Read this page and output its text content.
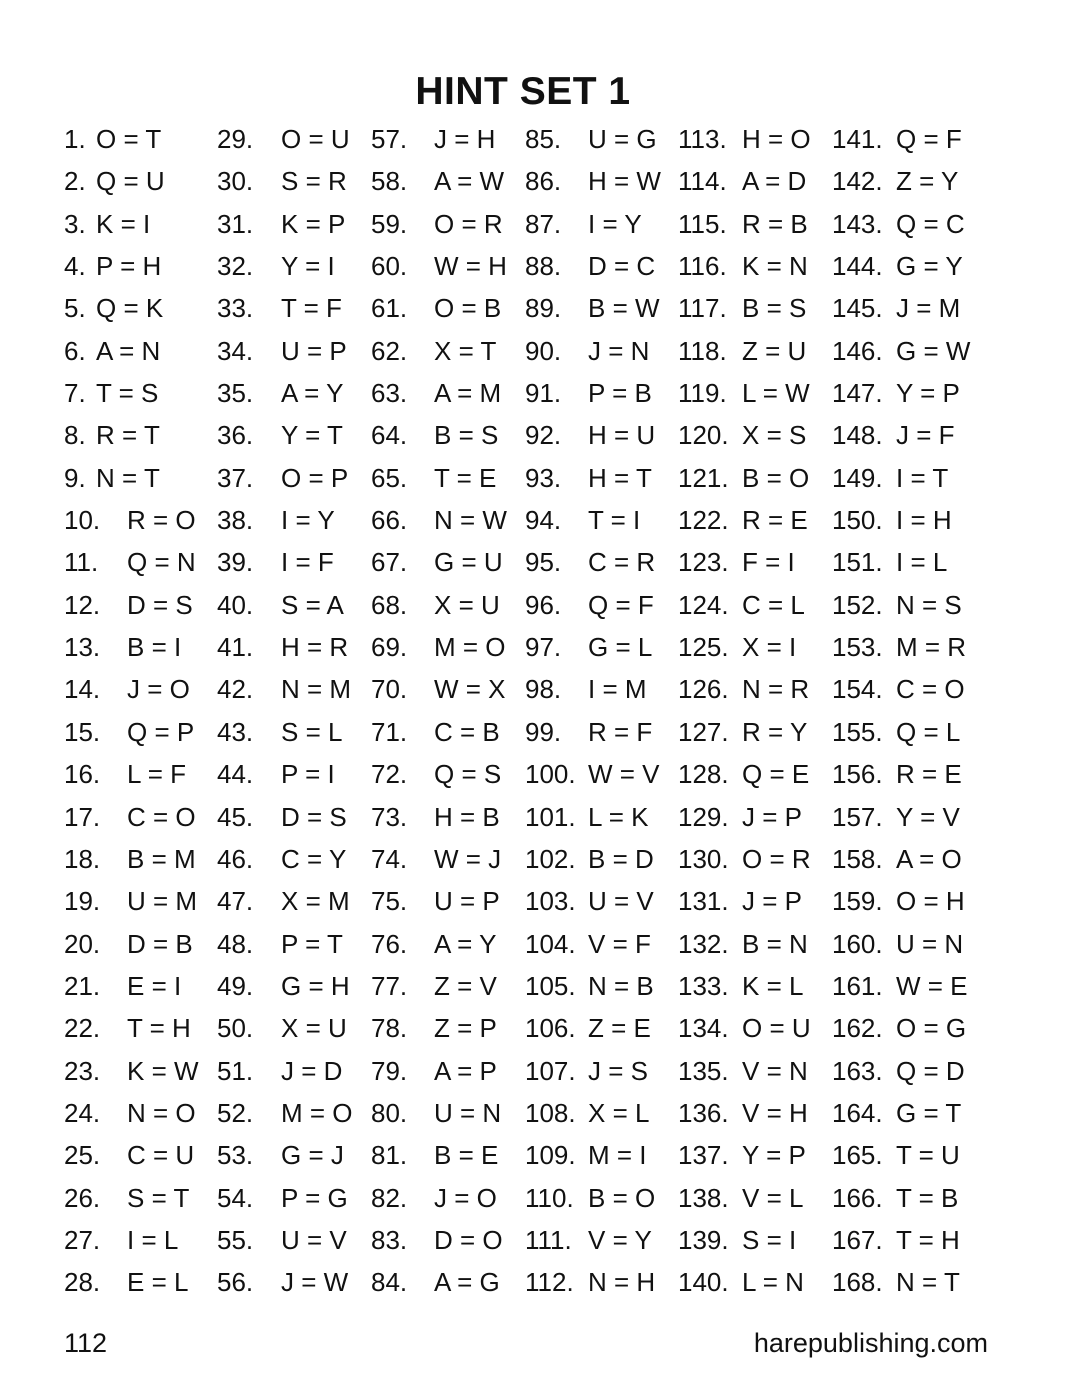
HINT SET 1
1. O = T
2. Q = U
3. K = I
4. P = H
5. Q = K
6. A = N
7. T = S
8. R = T
9. N = T
10. R = O
11. Q = N
12. D = S
13. B = I
14. J = O
15. Q = P
16. L = F
17. C = O
18. B = M
19. U = M
20. D = B
21. E = I
22. T = H
23. K = W
24. N = O
25. C = U
26. S = T
27. I = L
28. E = L
29. O = U
30. S = R
31. K = P
32. Y = I
33. T = F
34. U = P
35. A = Y
36. Y = T
37. O = P
38. I = Y
39. I = F
40. S = A
41. H = R
42. N = M
43. S = L
44. P = I
45. D = S
46. C = Y
47. X = M
48. P = T
49. G = H
50. X = U
51. J = D
52. M = O
53. G = J
54. P = G
55. U = V
56. J = W
57. J = H
58. A = W
59. O = R
60. W = H
61. O = B
62. X = T
63. A = M
64. B = S
65. T = E
66. N = W
67. G = U
68. X = U
69. M = O
70. W = X
71. C = B
72. Q = S
73. H = B
74. W = J
75. U = P
76. A = Y
77. Z = V
78. Z = P
79. A = P
80. U = N
81. B = E
82. J = O
83. D = O
84. A = G
85. U = G
86. H = W
87. I = Y
88. D = C
89. B = W
90. J = N
91. P = B
92. H = U
93. H = T
94. T = I
95. C = R
96. Q = F
97. G = L
98. I = M
99. R = F
100. W = V
101. L = K
102. B = D
103. U = V
104. V = F
105. N = B
106. Z = E
107. J = S
108. X = L
109. M = I
110. B = O
111. V = Y
112. N = H
113. H = O
114. A = D
115. R = B
116. K = N
117. B = S
118. Z = U
119. L = W
120. X = S
121. B = O
122. R = E
123. F = I
124. C = L
125. X = I
126. N = R
127. R = Y
128. Q = E
129. J = P
130. O = R
131. J = P
132. B = N
133. K = L
134. O = U
135. V = N
136. V = H
137. Y = P
138. V = L
139. S = I
140. L = N
141. Q = F
142. Z = Y
143. Q = C
144. G = Y
145. J = M
146. G = W
147. Y = P
148. J = F
149. I = T
150. I = H
151. I = L
152. N = S
153. M = R
154. C = O
155. Q = L
156. R = E
157. Y = V
158. A = O
159. O = H
160. U = N
161. W = E
162. O = G
163. Q = D
164. G = T
165. T = U
166. T = B
167. T = H
168. N = T
112	harepublishing.com
